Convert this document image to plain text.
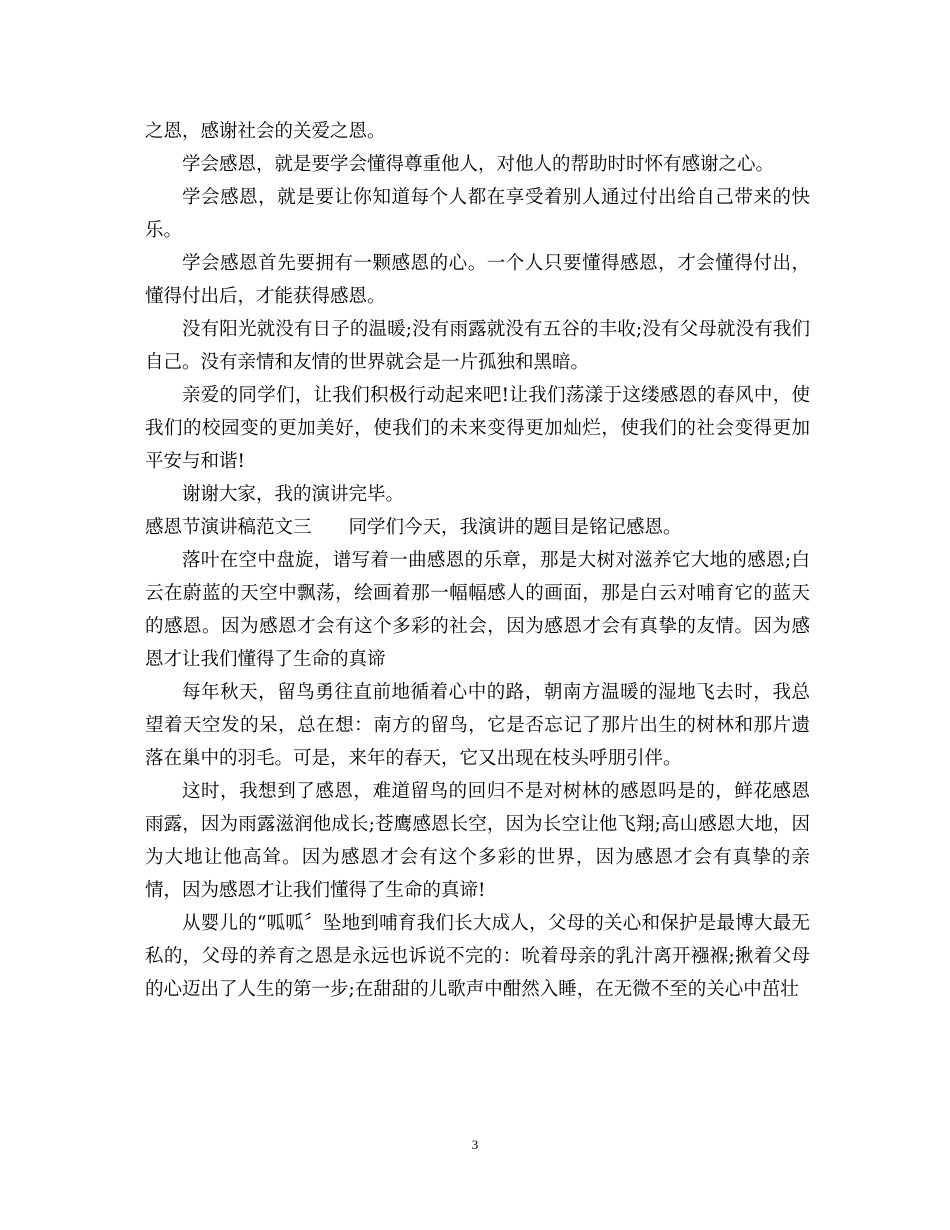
之恩，感谢社会的关爱之恩。

学会感恩，就是要学会懂得尊重他人，对他人的帮助时时怀有感谢之心。

学会感恩，就是要让你知道每个人都在享受着别人通过付出给自己带来的快乐。

学会感恩首先要拥有一颗感恩的心。一个人只要懂得感恩，才会懂得付出，懂得付出后，才能获得感恩。

没有阳光就没有日子的温暖;没有雨露就没有五谷的丰收;没有父母就没有我们自己。没有亲情和友情的世界就会是一片孤独和黑暗。

亲爱的同学们，让我们积极行动起来吧!让我们荡漾于这缕感恩的春风中，使我们的校园变的更加美好，使我们的未来变得更加灿烂，使我们的社会变得更加平安与和谐!

谢谢大家，我的演讲完毕。

感恩节演讲稿范文三　　同学们今天，我演讲的题目是铭记感恩。

落叶在空中盘旋，谱写着一曲感恩的乐章，那是大树对滋养它大地的感恩;白云在蔚蓝的天空中飘荡，绘画着那一幅幅感人的画面，那是白云对哺育它的蓝天的感恩。因为感恩才会有这个多彩的社会，因为感恩才会有真挚的友情。因为感恩才让我们懂得了生命的真谛

每年秋天，留鸟勇往直前地循着心中的路，朝南方温暖的湿地飞去时，我总望着天空发的呆，总在想：南方的留鸟，它是否忘记了那片出生的树林和那片遗落在巢中的羽毛。可是，来年的春天，它又出现在枝头呼朋引伴。

这时，我想到了感恩，难道留鸟的回归不是对树林的感恩吗是的，鲜花感恩雨露，因为雨露滋润他成长;苍鹰感恩长空，因为长空让他飞翔;高山感恩大地，因为大地让他高耸。因为感恩才会有这个多彩的世界，因为感恩才会有真挚的亲情，因为感恩才让我们懂得了生命的真谛!

从婴儿的“呱呱〞坠地到哺育我们长大成人，父母的关心和保护是最博大最无私的，父母的养育之恩是永远也诉说不完的：吮着母亲的乳汁离开襁褓;揪着父母的心迈出了人生的第一步;在甜甜的儿歌声中酣然入睡，在无微不至的关心中茁壮

3
